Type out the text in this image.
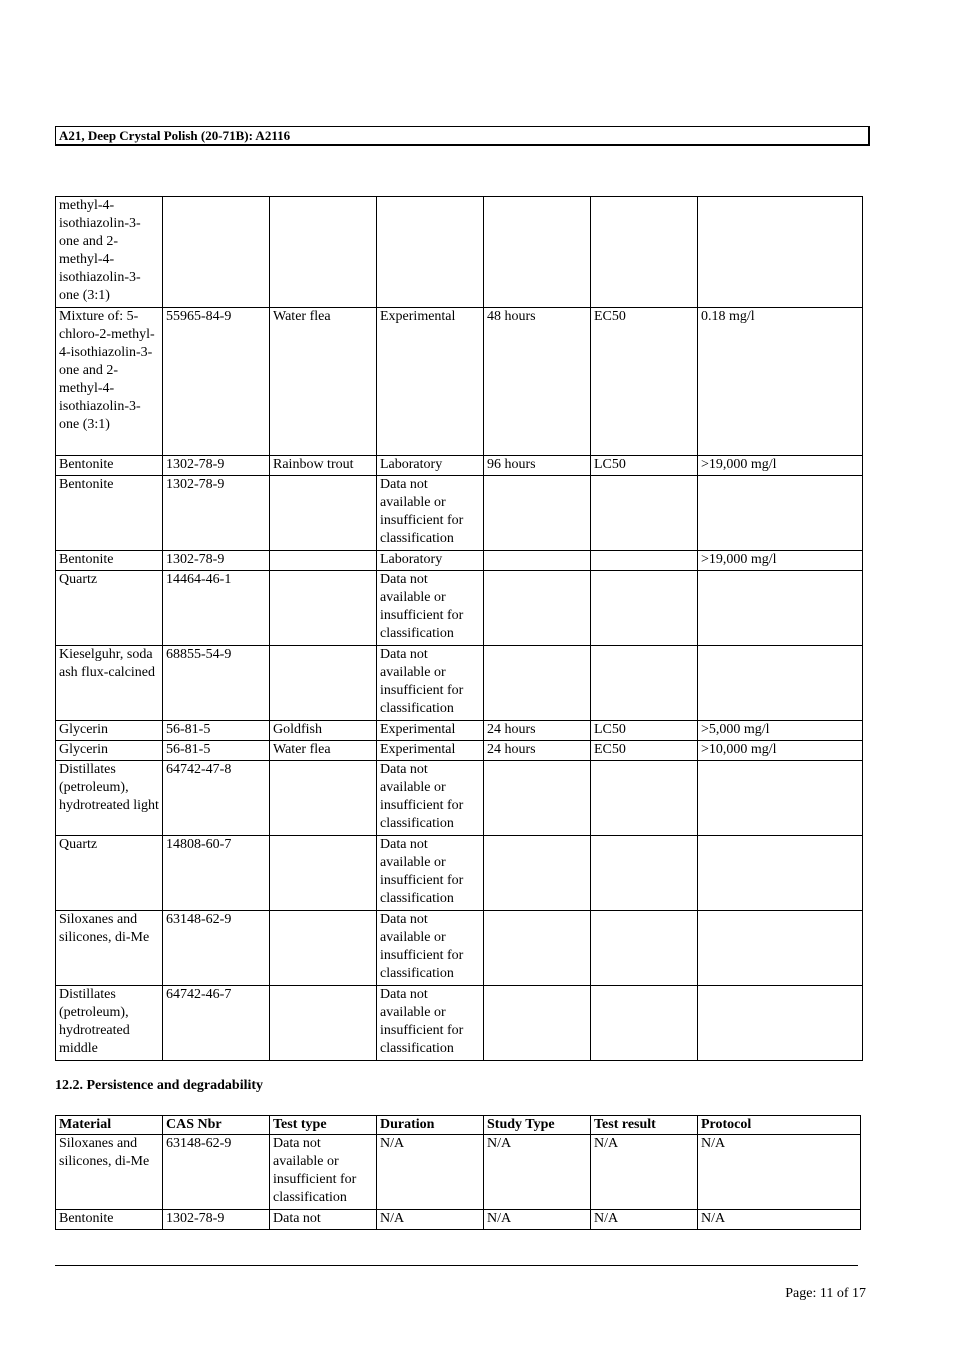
A21, Deep Crystal Polish (20-71B): A2116
methyl-4-isothiazolin-3-one and 2-methyl-4-isothiazolin-3-one (3:1)						
Mixture of: 5-chloro-2-methyl-4-isothiazolin-3-one and 2-methyl-4-isothiazolin-3-one (3:1)	55965-84-9	Water flea	Experimental	48 hours	EC50	0.18 mg/l
Bentonite	1302-78-9	Rainbow trout	Laboratory	96 hours	LC50	>19,000 mg/l
Bentonite	1302-78-9		Data not available or insufficient for classification			
Bentonite	1302-78-9		Laboratory			>19,000 mg/l
Quartz	14464-46-1		Data not available or insufficient for classification			
Kieselguhr, soda ash flux-calcined	68855-54-9		Data not available or insufficient for classification			
Glycerin	56-81-5	Goldfish	Experimental	24 hours	LC50	>5,000 mg/l
Glycerin	56-81-5	Water flea	Experimental	24 hours	EC50	>10,000 mg/l
Distillates (petroleum), hydrotreated light	64742-47-8		Data not available or insufficient for classification			
Quartz	14808-60-7		Data not available or insufficient for classification			
Siloxanes and silicones, di-Me	63148-62-9		Data not available or insufficient for classification			
Distillates (petroleum), hydrotreated middle	64742-46-7		Data not available or insufficient for classification			
12.2. Persistence and degradability
Material	CAS Nbr	Test type	Duration	Study Type	Test result	Protocol
Siloxanes and silicones, di-Me	63148-62-9	Data not available or insufficient for classification	N/A	N/A	N/A	N/A
Bentonite	1302-78-9	Data not	N/A	N/A	N/A	N/A
Page: 11 of 17
